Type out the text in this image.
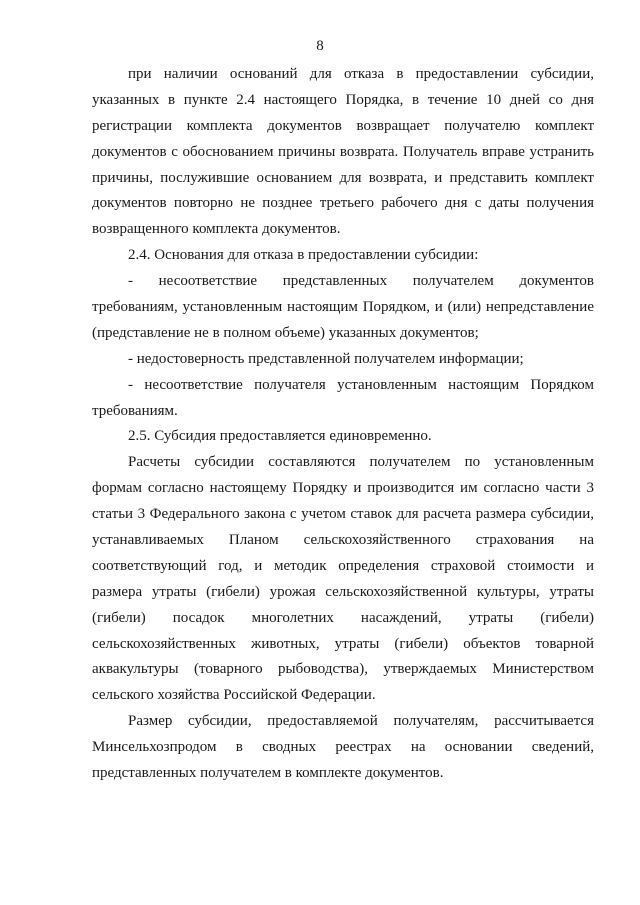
8
при наличии оснований для отказа в предоставлении субсидии,
указанных в пункте 2.4 настоящего Порядка, в течение 10 дней со дня
регистрации комплекта документов возвращает получателю комплект
документов с обоснованием причины возврата. Получатель вправе устранить
причины, послужившие основанием для возврата, и представить комплект
документов повторно не позднее третьего рабочего дня с даты получения
возвращенного комплекта документов.
2.4. Основания для отказа в предоставлении субсидии:
- несоответствие представленных получателем документов
требованиям, установленным настоящим Порядком, и (или) непредставление
(представление не в полном объеме) указанных документов;
- недостоверность представленной получателем информации;
- несоответствие получателя установленным настоящим Порядком
требованиям.
2.5. Субсидия предоставляется единовременно.
Расчеты субсидии составляются получателем по установленным
формам согласно настоящему Порядку и производится им согласно части 3
статьи 3 Федерального закона с учетом ставок для расчета размера субсидии,
устанавливаемых Планом сельскохозяйственного страхования на
соответствующий год, и методик определения страховой стоимости и
размера утраты (гибели) урожая сельскохозяйственной культуры, утраты
(гибели) посадок многолетних насаждений, утраты (гибели)
сельскохозяйственных животных, утраты (гибели) объектов товарной
аквакультуры (товарного рыбоводства), утверждаемых Министерством
сельского хозяйства Российской Федерации.
Размер субсидии, предоставляемой получателям, рассчитывается
Минсельхозпродом в сводных реестрах на основании сведений,
представленных получателем в комплекте документов.
